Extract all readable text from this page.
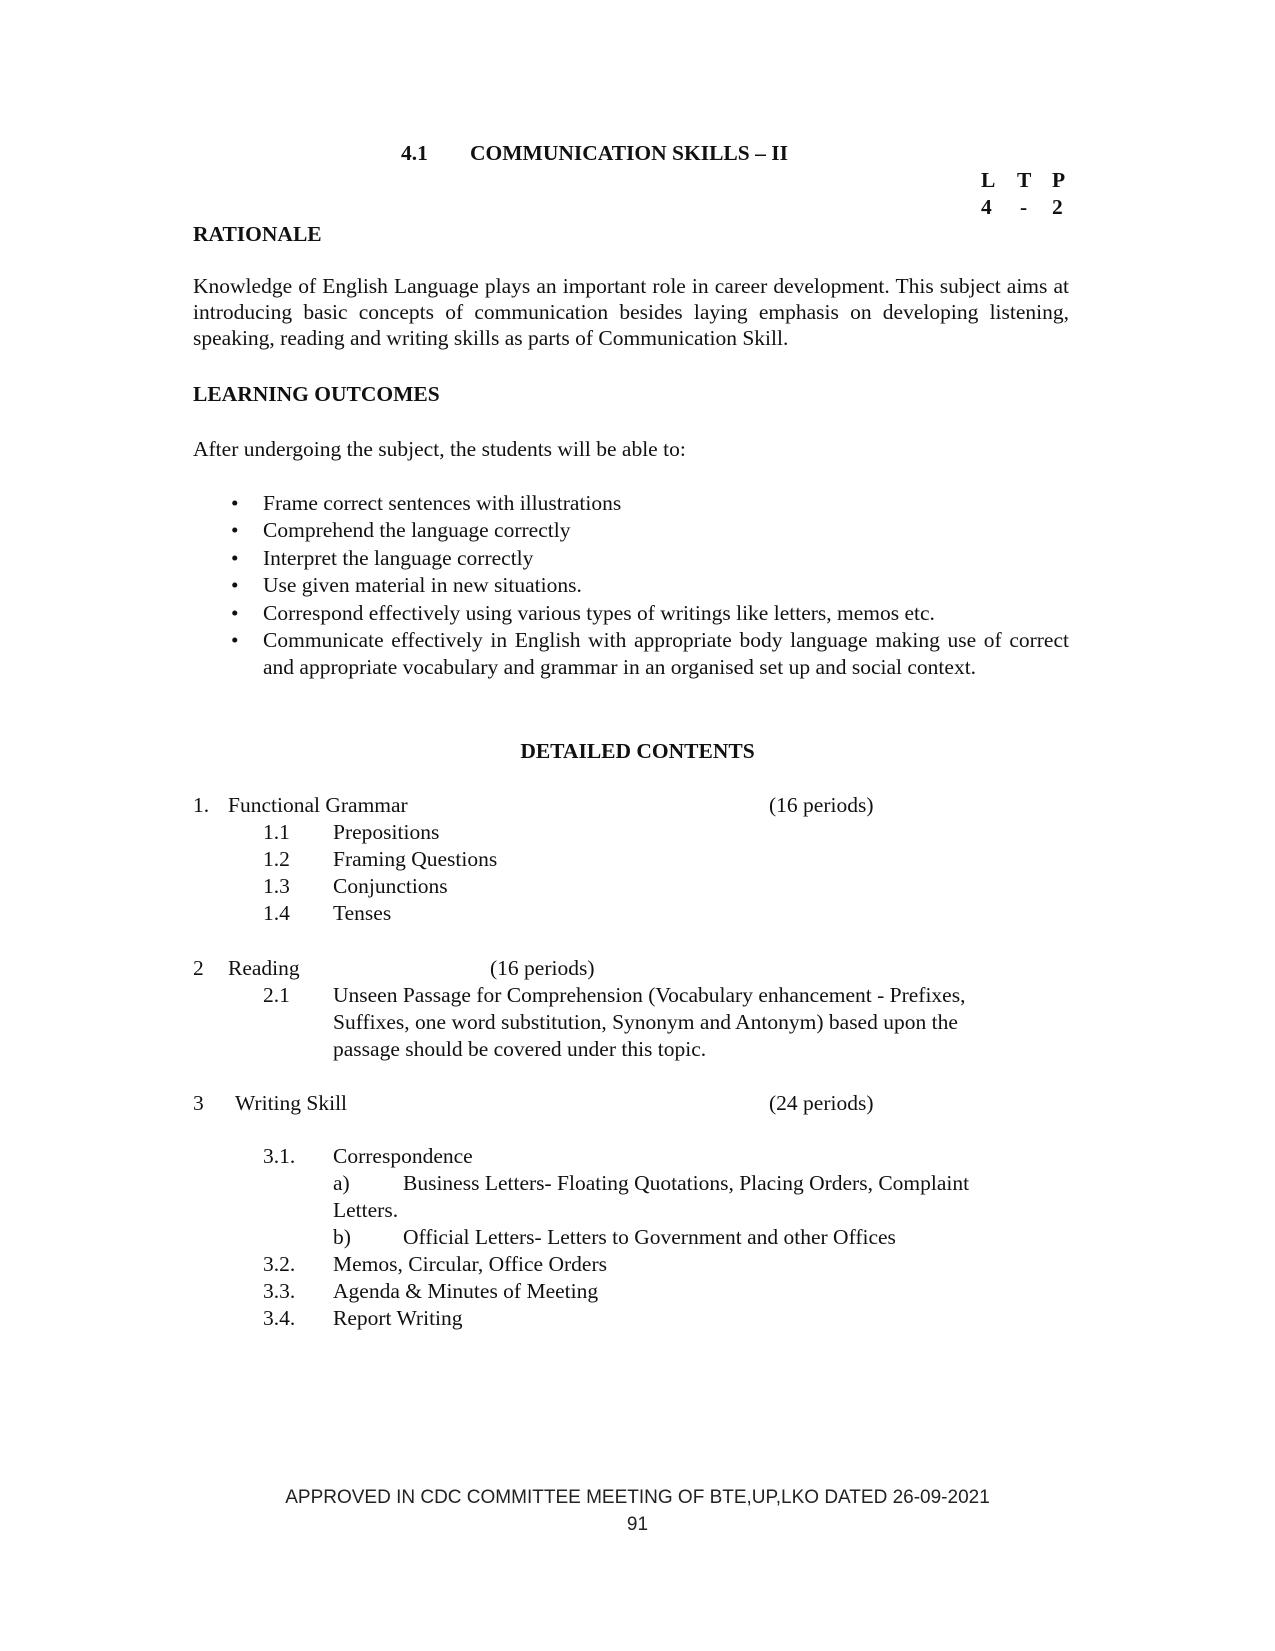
4.1 COMMUNICATION SKILLS – II
L T P
4 - 2
RATIONALE
Knowledge of English Language plays an important role in career development. This subject aims at introducing basic concepts of communication besides laying emphasis on developing listening, speaking, reading and writing skills as parts of Communication Skill.
LEARNING OUTCOMES
After undergoing the subject, the students will be able to:
• Frame correct sentences with illustrations
• Comprehend the language correctly
• Interpret the language correctly
• Use given material in new situations.
• Correspond effectively using various types of writings like letters, memos etc.
• Communicate effectively in English with appropriate body language making use of correct and appropriate vocabulary and grammar in an organised set up and social context.
DETAILED CONTENTS
1. Functional Grammar	(16 periods)
1.1 Prepositions
1.2 Framing Questions
1.3 Conjunctions
1.4 Tenses
2 Reading	(16 periods)
2.1 Unseen Passage for Comprehension (Vocabulary enhancement - Prefixes,
Suffixes, one word substitution, Synonym and Antonym) based upon the
passage should be covered under this topic.
3 Writing Skill	(24 periods)
3.1. Correspondence
a) Business Letters- Floating Quotations, Placing Orders, Complaint
Letters.
b) Official Letters- Letters to Government and other Offices
3.2. Memos, Circular, Office Orders
3.3. Agenda & Minutes of Meeting
3.4. Report Writing
APPROVED IN CDC COMMITTEE MEETING OF BTE,UP,LKO DATED 26-09-2021
91
